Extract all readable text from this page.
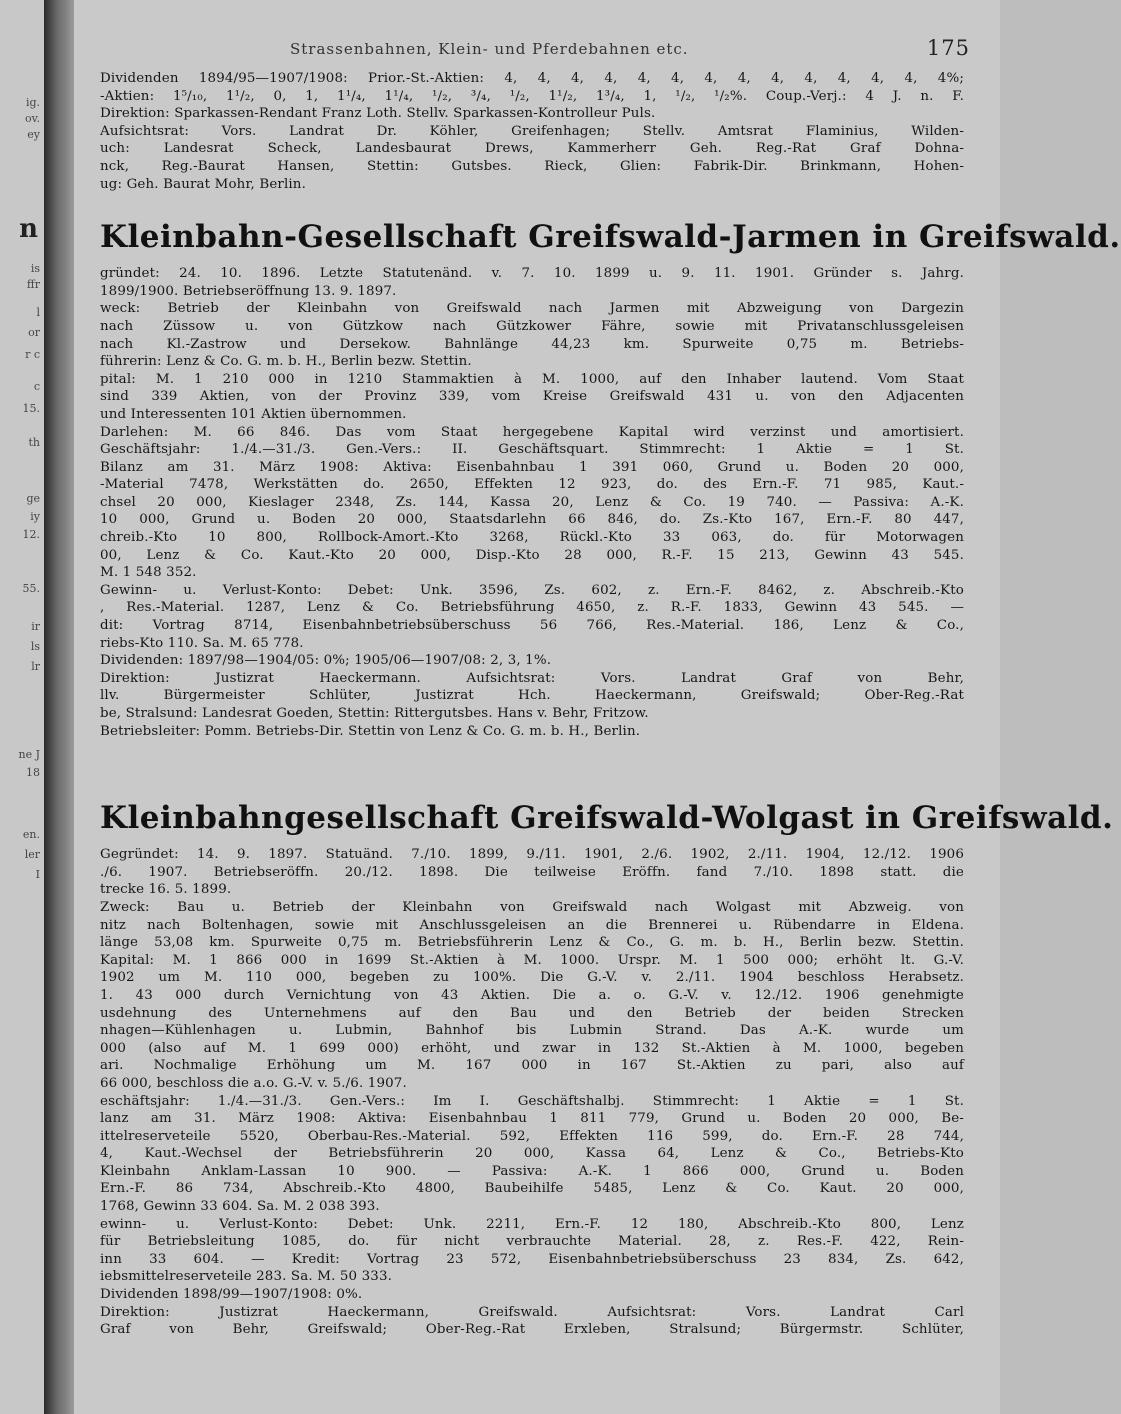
ig.
ov.
ey
n
is
ffr
l
or
r c
c
15.
th
ge
iy
12.
55.
ir
ls
lr
ne J
18
en.
ler
I
Strassenbahnen, Klein- und Pferdebahnen etc.	175
Dividenden 1894/95—1907/1908: Prior.-St.-Aktien: 4, 4, 4, 4, 4, 4, 4, 4, 4, 4, 4, 4, 4, 4%;
-Aktien: 1⁵/₁₀, 1¹/₂, 0, 1, 1¹/₄, 1¹/₄, ¹/₂, ³/₄, ¹/₂, 1¹/₂, 1³/₄, 1, ¹/₂, ¹/₂%. Coup.-Verj.: 4 J. n. F.
Direktion: Sparkassen-Rendant Franz Loth. Stellv. Sparkassen-Kontrolleur Puls.
Aufsichtsrat: Vors. Landrat Dr. Köhler, Greifenhagen; Stellv. Amtsrat Flaminius, Wilden-
uch: Landesrat Scheck, Landesbaurat Drews, Kammerherr Geh. Reg.-Rat Graf Dohna-
nck, Reg.-Baurat Hansen, Stettin: Gutsbes. Rieck, Glien: Fabrik-Dir. Brinkmann, Hohen-
ug: Geh. Baurat Mohr, Berlin.
Kleinbahn-Gesellschaft Greifswald-Jarmen in Greifswald.
gründet: 24. 10. 1896. Letzte Statutenänd. v. 7. 10. 1899 u. 9. 11. 1901. Gründer s. Jahrg.
1899/1900. Betriebseröffnung 13. 9. 1897.
weck: Betrieb der Kleinbahn von Greifswald nach Jarmen mit Abzweigung von Dargezin
nach Züssow u. von Gützkow nach Gützkower Fähre, sowie mit Privatanschlussgeleisen
nach Kl.-Zastrow und Dersekow. Bahnlänge 44,23 km. Spurweite 0,75 m. Betriebs-
führerin: Lenz & Co. G. m. b. H., Berlin bezw. Stettin.
pital: M. 1 210 000 in 1210 Stammaktien à M. 1000, auf den Inhaber lautend. Vom Staat
sind 339 Aktien, von der Provinz 339, vom Kreise Greifswald 431 u. von den Adjacenten
und Interessenten 101 Aktien übernommen.
Darlehen: M. 66 846. Das vom Staat hergegebene Kapital wird verzinst und amortisiert.
Geschäftsjahr: 1./4.—31./3. Gen.-Vers.: II. Geschäftsquart. Stimmrecht: 1 Aktie = 1 St.
Bilanz am 31. März 1908: Aktiva: Eisenbahnbau 1 391 060, Grund u. Boden 20 000,
-Material 7478, Werkstätten do. 2650, Effekten 12 923, do. des Ern.-F. 71 985, Kaut.-
chsel 20 000, Kieslager 2348, Zs. 144, Kassa 20, Lenz & Co. 19 740. — Passiva: A.-K.
10 000, Grund u. Boden 20 000, Staatsdarlehn 66 846, do. Zs.-Kto 167, Ern.-F. 80 447,
chreib.-Kto 10 800, Rollbock-Amort.-Kto 3268, Rückl.-Kto 33 063, do. für Motorwagen
00, Lenz & Co. Kaut.-Kto 20 000, Disp.-Kto 28 000, R.-F. 15 213, Gewinn 43 545.
M. 1 548 352.
Gewinn- u. Verlust-Konto: Debet: Unk. 3596, Zs. 602, z. Ern.-F. 8462, z. Abschreib.-Kto
, Res.-Material. 1287, Lenz & Co. Betriebsführung 4650, z. R.-F. 1833, Gewinn 43 545. —
dit: Vortrag 8714, Eisenbahnbetriebsüberschuss 56 766, Res.-Material. 186, Lenz & Co.,
riebs-Kto 110. Sa. M. 65 778.
Dividenden: 1897/98—1904/05: 0%; 1905/06—1907/08: 2, 3, 1%.
Direktion: Justizrat Haeckermann. Aufsichtsrat: Vors. Landrat Graf von Behr,
llv. Bürgermeister Schlüter, Justizrat Hch. Haeckermann, Greifswald; Ober-Reg.-Rat
be, Stralsund: Landesrat Goeden, Stettin: Rittergutsbes. Hans v. Behr, Fritzow.
Betriebsleiter: Pomm. Betriebs-Dir. Stettin von Lenz & Co. G. m. b. H., Berlin.
Kleinbahngesellschaft Greifswald-Wolgast in Greifswald.
Gegründet: 14. 9. 1897. Statuänd. 7./10. 1899, 9./11. 1901, 2./6. 1902, 2./11. 1904, 12./12. 1906
./6. 1907. Betriebseröffn. 20./12. 1898. Die teilweise Eröffn. fand 7./10. 1898 statt. die
trecke 16. 5. 1899.
Zweck: Bau u. Betrieb der Kleinbahn von Greifswald nach Wolgast mit Abzweig. von
nitz nach Boltenhagen, sowie mit Anschlussgeleisen an die Brennerei u. Rübendarre in Eldena.
länge 53,08 km. Spurweite 0,75 m. Betriebsführerin Lenz & Co., G. m. b. H., Berlin bezw. Stettin.
Kapital: M. 1 866 000 in 1699 St.-Aktien à M. 1000. Urspr. M. 1 500 000; erhöht lt. G.-V.
1902 um M. 110 000, begeben zu 100%. Die G.-V. v. 2./11. 1904 beschloss Herabsetz.
1. 43 000 durch Vernichtung von 43 Aktien. Die a. o. G.-V. v. 12./12. 1906 genehmigte
usdehnung des Unternehmens auf den Bau und den Betrieb der beiden Strecken
nhagen—Kühlenhagen u. Lubmin, Bahnhof bis Lubmin Strand. Das A.-K. wurde um
000 (also auf M. 1 699 000) erhöht, und zwar in 132 St.-Aktien à M. 1000, begeben
ari. Nochmalige Erhöhung um M. 167 000 in 167 St.-Aktien zu pari, also auf
66 000, beschloss die a.o. G.-V. v. 5./6. 1907.
eschäftsjahr: 1./4.—31./3. Gen.-Vers.: Im I. Geschäftshalbj. Stimmrecht: 1 Aktie = 1 St.
lanz am 31. März 1908: Aktiva: Eisenbahnbau 1 811 779, Grund u. Boden 20 000, Be-
ittelreserveteile 5520, Oberbau-Res.-Material. 592, Effekten 116 599, do. Ern.-F. 28 744,
4, Kaut.-Wechsel der Betriebsführerin 20 000, Kassa 64, Lenz & Co., Betriebs-Kto
Kleinbahn Anklam-Lassan 10 900. — Passiva: A.-K. 1 866 000, Grund u. Boden
Ern.-F. 86 734, Abschreib.-Kto 4800, Baubeihilfe 5485, Lenz & Co. Kaut. 20 000,
1768, Gewinn 33 604. Sa. M. 2 038 393.
ewinn- u. Verlust-Konto: Debet: Unk. 2211, Ern.-F. 12 180, Abschreib.-Kto 800, Lenz
für Betriebsleitung 1085, do. für nicht verbrauchte Material. 28, z. Res.-F. 422, Rein-
inn 33 604. — Kredit: Vortrag 23 572, Eisenbahnbetriebsüberschuss 23 834, Zs. 642,
iebsmittelreserveteile 283. Sa. M. 50 333.
Dividenden 1898/99—1907/1908: 0%.
Direktion: Justizrat Haeckermann, Greifswald. Aufsichtsrat: Vors. Landrat Carl
Graf von Behr, Greifswald; Ober-Reg.-Rat Erxleben, Stralsund; Bürgermstr. Schlüter,
